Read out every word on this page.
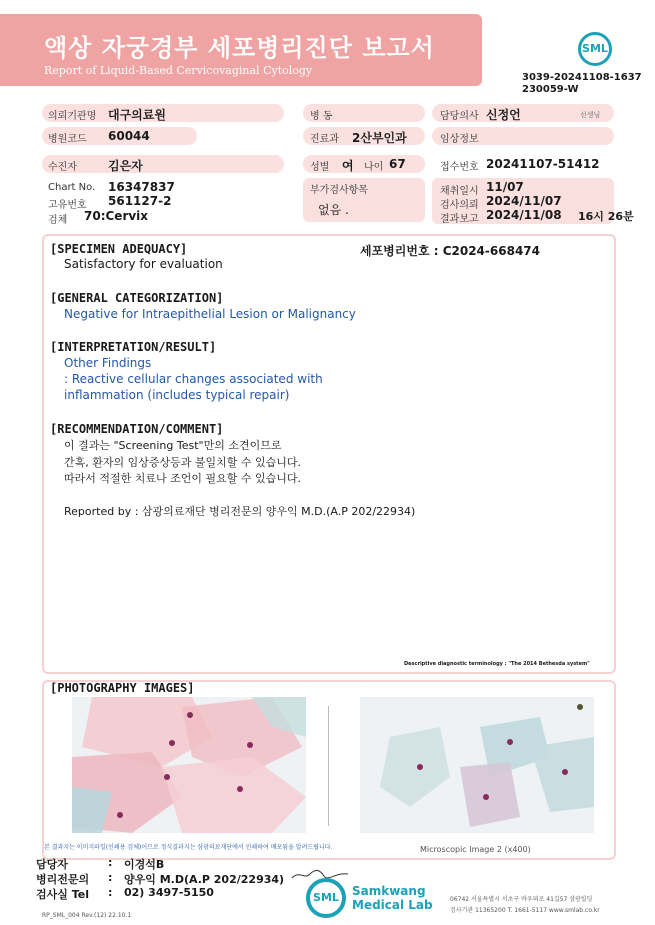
액상 자궁경부 세포병리진단 보고서
Report of Liquid-Based Cervicovaginal Cytology
SML
3039-20241108-1637
230059-W
의뢰기관명 대구의료원
병원코드 60044
수진자	김은자
Chart No. 16347837
고유번호 561127-2
검체 70:Cervix
병 동
진료과 2산부인과
성별 여 나이 67
부가검사항목
없음 .
담당의사 신정언	선생님
임상정보
접수번호 20241107-51412
채취일시 11/07
검사의뢰 2024/11/07
결과보고 2024/11/08 16시 26분
[SPECIMEN ADEQUACY]	세포병리번호 : C2024-668474
Satisfactory for evaluation
[GENERAL CATEGORIZATION]
Negative for Intraepithelial Lesion or Malignancy
[INTERPRETATION/RESULT]
Other Findings
: Reactive cellular changes associated with
inflammation (includes typical repair)
[RECOMMENDATION/COMMENT]
이 결과는 "Screening Test"만의 소견이므로
간혹, 환자의 임상증상등과 불일치할 수 있습니다.
따라서 적절한 치료나 조언이 필요할 수 있습니다.
Reported by : 삼광의료재단 병리전문의 양우익 M.D.(A.P 202/22934)
Descriptive diagnostic terminology : "The 2014 Bethesda system"
[PHOTOGRAPHY IMAGES]
본 결과지는 이미지파일(인쇄용 검체)이므로 정식결과지는 삼광의료재단에서 인쇄하여 배포됨을 알려드립니다.	Microscopic Image 2 (x400)
담당자	: 이경석B
병리전문의 : 양우익 M.D(A.P 202/22934)
검사실 Tel : 02) 3497-5150	SML	Samkwang
Medical Lab	06742 서울특별시 서초구 바우뫼로 41길57 삼광빌딩
검사기관 11365200 T. 1661-5117 www.smlab.co.kr
RP_SML_004 Rev.(12) 22.10.1
